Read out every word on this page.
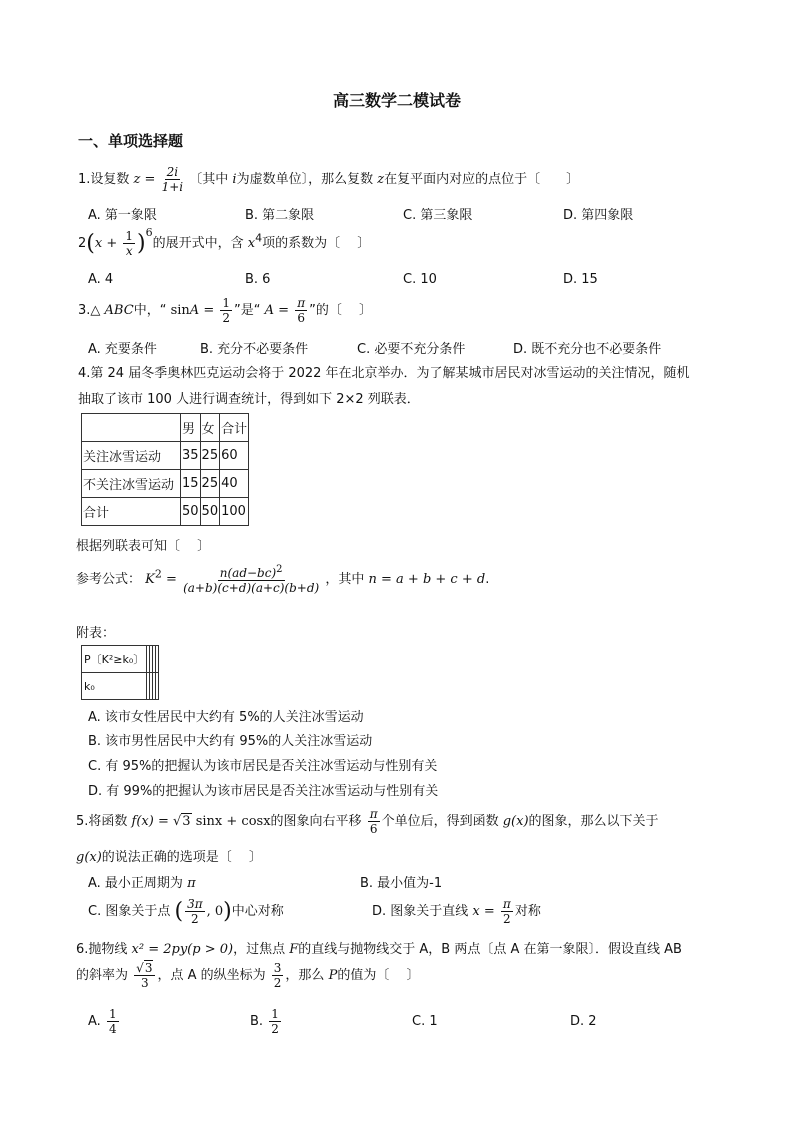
高三数学二模试卷
一、单项选择题
1.设复数 $z = \frac{2i}{1+i}$ 〔其中 i为虚数单位〕，那么复数 z在复平面内对应的点位于〔　　〕
A. 第一象限	B. 第二象限	C. 第三象限	D. 第四象限
$2(x + \frac{1}{x} )^6$的展开式中，含 $x^4$项的系数为〔　 〕
A. 4	B. 6	C. 10	D. 15
3.△ ABC中，“ $\sin A = \frac{1}{2}$ ”是“ $A = \frac{\pi}{6}$ ”的〔　 〕
A. 充要条件	B. 充分不必要条件	C. 必要不充分条件	D. 既不充分也不必要条件
4.第 24 届冬季奥林匹克运动会将于 2022 年在北京举办．为了解某城市居民对冰雪运动的关注情况，随机
抽取了该市 100 人进行调查统计，得到如下 2×2 列联表．
	男	女	合计
关注冰雪运动	35	25	60
不关注冰雪运动	15	25	40
合计	50	50	100
根据列联表可知〔　 〕
参考公式： $K^2 = \frac{n(ad-bc)^2}{(a+b)(c+d)(a+c)(b+d)}$ ，其中 n = a + b + c + d.
附表：
P〔K²≥k₀〕				
k₀				
A. 该市女性居民中大约有 5%的人关注冰雪运动
B. 该市男性居民中大约有 95%的人关注冰雪运动
C. 有 95%的把握认为该市居民是否关注冰雪运动与性别有关
D. 有 99%的把握认为该市居民是否关注冰雪运动与性别有关
5.将函数 f(x) = √3 sinx + cosx的图象向右平移 $\frac{\pi}{6}$ 个单位后，得到函数 g(x)的图象，那么以下关于
g(x)的说法正确的选项是〔　 〕
A. 最小正周期为 π	B. 最小值为-1
C. 图象关于点 ( $\frac{3\pi}{2}$ , 0)中心对称	D. 图象关于直线 $x = \frac{\pi}{2}$ 对称
6.抛物线 x² = 2py(p > 0)，过焦点 F的直线与抛物线交于 A，B 两点〔点 A 在第一象限〕．假设直线 AB
的斜率为 $\frac{√3}{3}$ ，点 A 的纵坐标为 $\frac{3}{2}$ ，那么 P的值为〔　 〕
A. $\frac{1}{4}$	B. $\frac{1}{2}$	C. 1	D. 2
